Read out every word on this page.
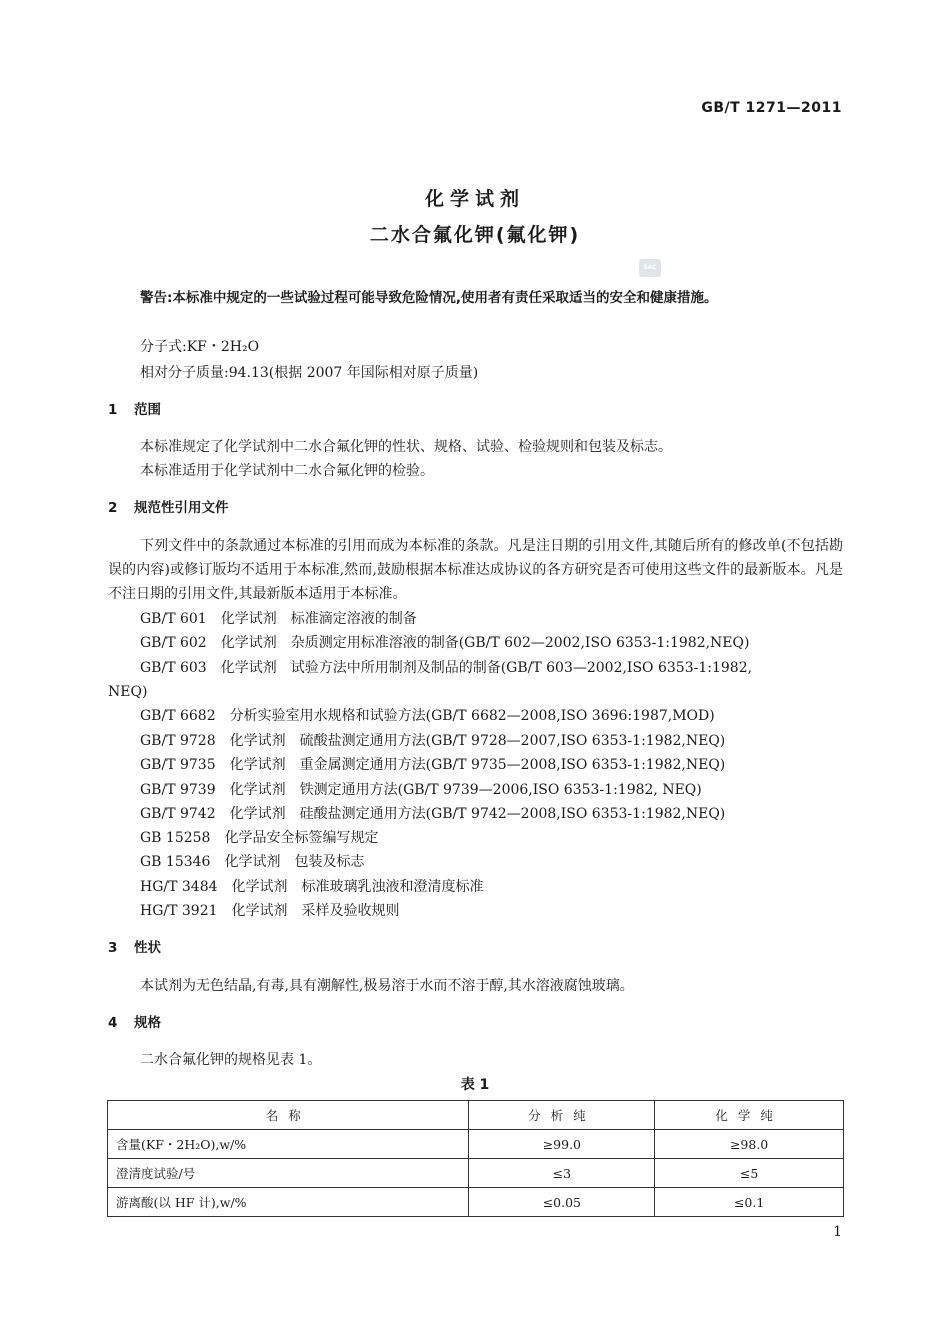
GB/T 1271—2011
化学试剂
二水合氟化钾(氟化钾)
SAC
警告:本标准中规定的一些试验过程可能导致危险情况,使用者有责任采取适当的安全和健康措施。
分子式:KF・2H₂O
相对分子质量:94.13(根据 2007 年国际相对原子质量)
1 范围
本标准规定了化学试剂中二水合氟化钾的性状、规格、试验、检验规则和包装及标志。
本标准适用于化学试剂中二水合氟化钾的检验。
2 规范性引用文件
下列文件中的条款通过本标准的引用而成为本标准的条款。凡是注日期的引用文件,其随后所有的修改单(不包括勘误的内容)或修订版均不适用于本标准,然而,鼓励根据本标准达成协议的各方研究是否可使用这些文件的最新版本。凡是不注日期的引用文件,其最新版本适用于本标准。
GB/T 601　化学试剂　标准滴定溶液的制备
GB/T 602　化学试剂　杂质测定用标准溶液的制备(GB/T 602—2002,ISO 6353-1:1982,NEQ)
GB/T 603　化学试剂　试验方法中所用制剂及制品的制备(GB/T 603—2002,ISO 6353-1:1982,
NEQ)
GB/T 6682　分析实验室用水规格和试验方法(GB/T 6682—2008,ISO 3696:1987,MOD)
GB/T 9728　化学试剂　硫酸盐测定通用方法(GB/T 9728—2007,ISO 6353-1:1982,NEQ)
GB/T 9735　化学试剂　重金属测定通用方法(GB/T 9735—2008,ISO 6353-1:1982,NEQ)
GB/T 9739　化学试剂　铁测定通用方法(GB/T 9739—2006,ISO 6353-1:1982, NEQ)
GB/T 9742　化学试剂　硅酸盐测定通用方法(GB/T 9742—2008,ISO 6353-1:1982,NEQ)
GB 15258　化学品安全标签编写规定
GB 15346　化学试剂　包装及标志
HG/T 3484　化学试剂　标准玻璃乳浊液和澄清度标准
HG/T 3921　化学试剂　采样及验收规则
3 性状
本试剂为无色结晶,有毒,具有潮解性,极易溶于水而不溶于醇,其水溶液腐蚀玻璃。
4 规格
二水合氟化钾的规格见表 1。
表 1
名称	分析纯	化学纯
含量(KF・2H₂O),w/%	≥99.0	≥98.0
澄清度试验/号	≤3	≤5
游离酸(以 HF 计),w/%	≤0.05	≤0.1
1
